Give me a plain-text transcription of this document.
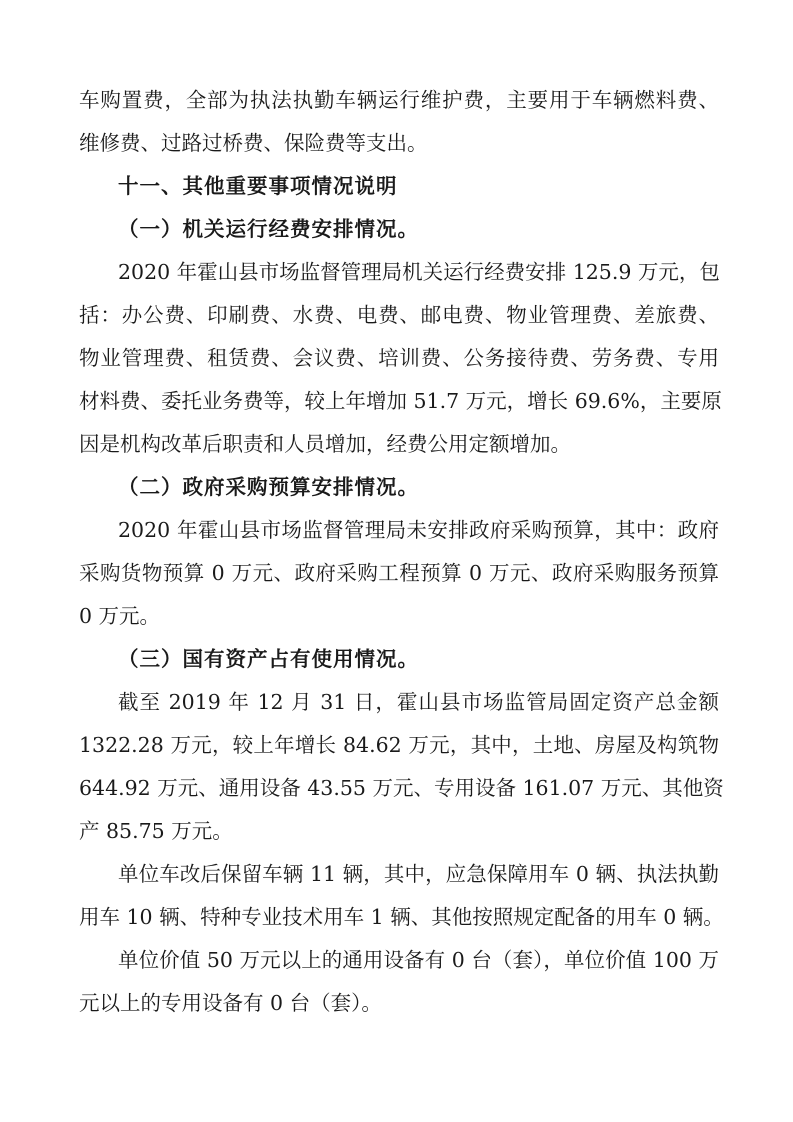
车购置费，全部为执法执勤车辆运行维护费，主要用于车辆燃料费、
维修费、过路过桥费、保险费等支出。
十一、其他重要事项情况说明
（一）机关运行经费安排情况。
2020 年霍山县市场监督管理局机关运行经费安排 125.9 万元，包
括：办公费、印刷费、水费、电费、邮电费、物业管理费、差旅费、
物业管理费、租赁费、会议费、培训费、公务接待费、劳务费、专用
材料费、委托业务费等，较上年增加 51.7 万元，增长 69.6%，主要原
因是机构改革后职责和人员增加，经费公用定额增加。
（二）政府采购预算安排情况。
2020 年霍山县市场监督管理局未安排政府采购预算，其中：政府
采购货物预算 0 万元、政府采购工程预算 0 万元、政府采购服务预算
0 万元。
（三）国有资产占有使用情况。
截至 2019 年 12 月 31 日，霍山县市场监管局固定资产总金额
1322.28 万元，较上年增长 84.62 万元，其中，土地、房屋及构筑物
644.92 万元、通用设备 43.55 万元、专用设备 161.07 万元、其他资
产 85.75 万元。
单位车改后保留车辆 11 辆，其中，应急保障用车 0 辆、执法执勤
用车 10 辆、特种专业技术用车 1 辆、其他按照规定配备的用车 0 辆。
单位价值 50 万元以上的通用设备有 0 台（套），单位价值 100 万
元以上的专用设备有 0 台（套）。
